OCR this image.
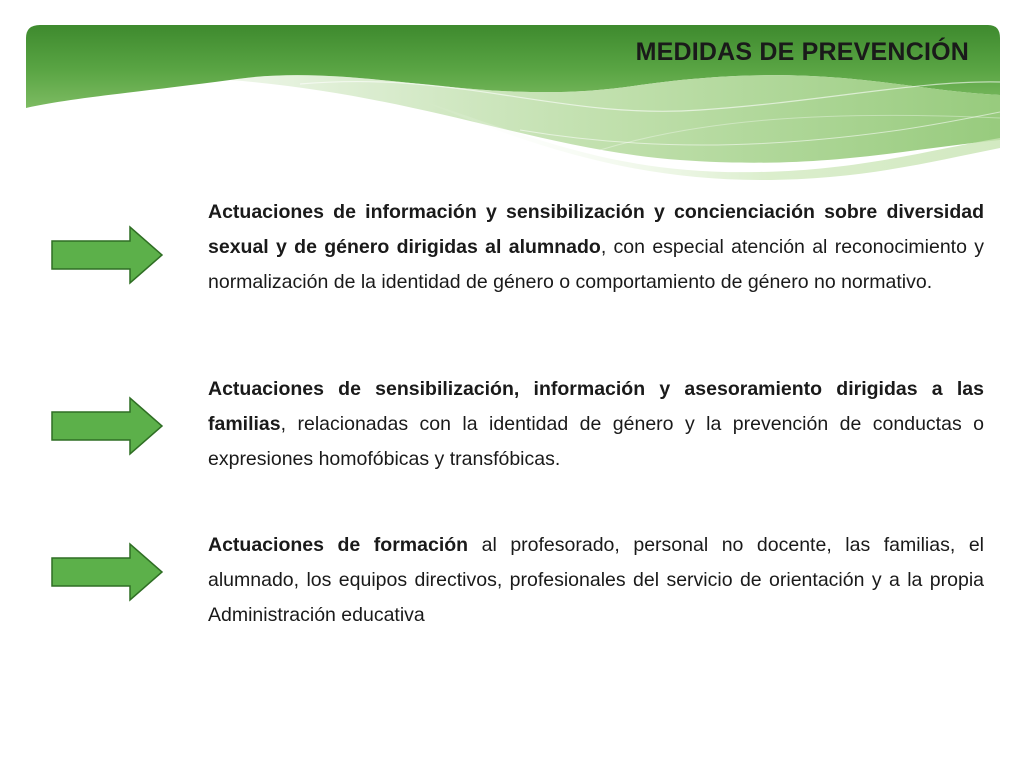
MEDIDAS DE PREVENCIÓN

Actuaciones de información y sensibilización y concienciación sobre diversidad sexual y de género dirigidas al alumnado, con especial atención al reconocimiento y normalización de la identidad de género o comportamiento de género no normativo.

Actuaciones de sensibilización, información y asesoramiento dirigidas a las familias, relacionadas con la identidad de género y la prevención de conductas o expresiones homofóbicas y transfóbicas.

Actuaciones de formación al profesorado, personal no docente, las familias, el alumnado, los equipos directivos, profesionales del servicio de orientación y a la propia Administración educativa
